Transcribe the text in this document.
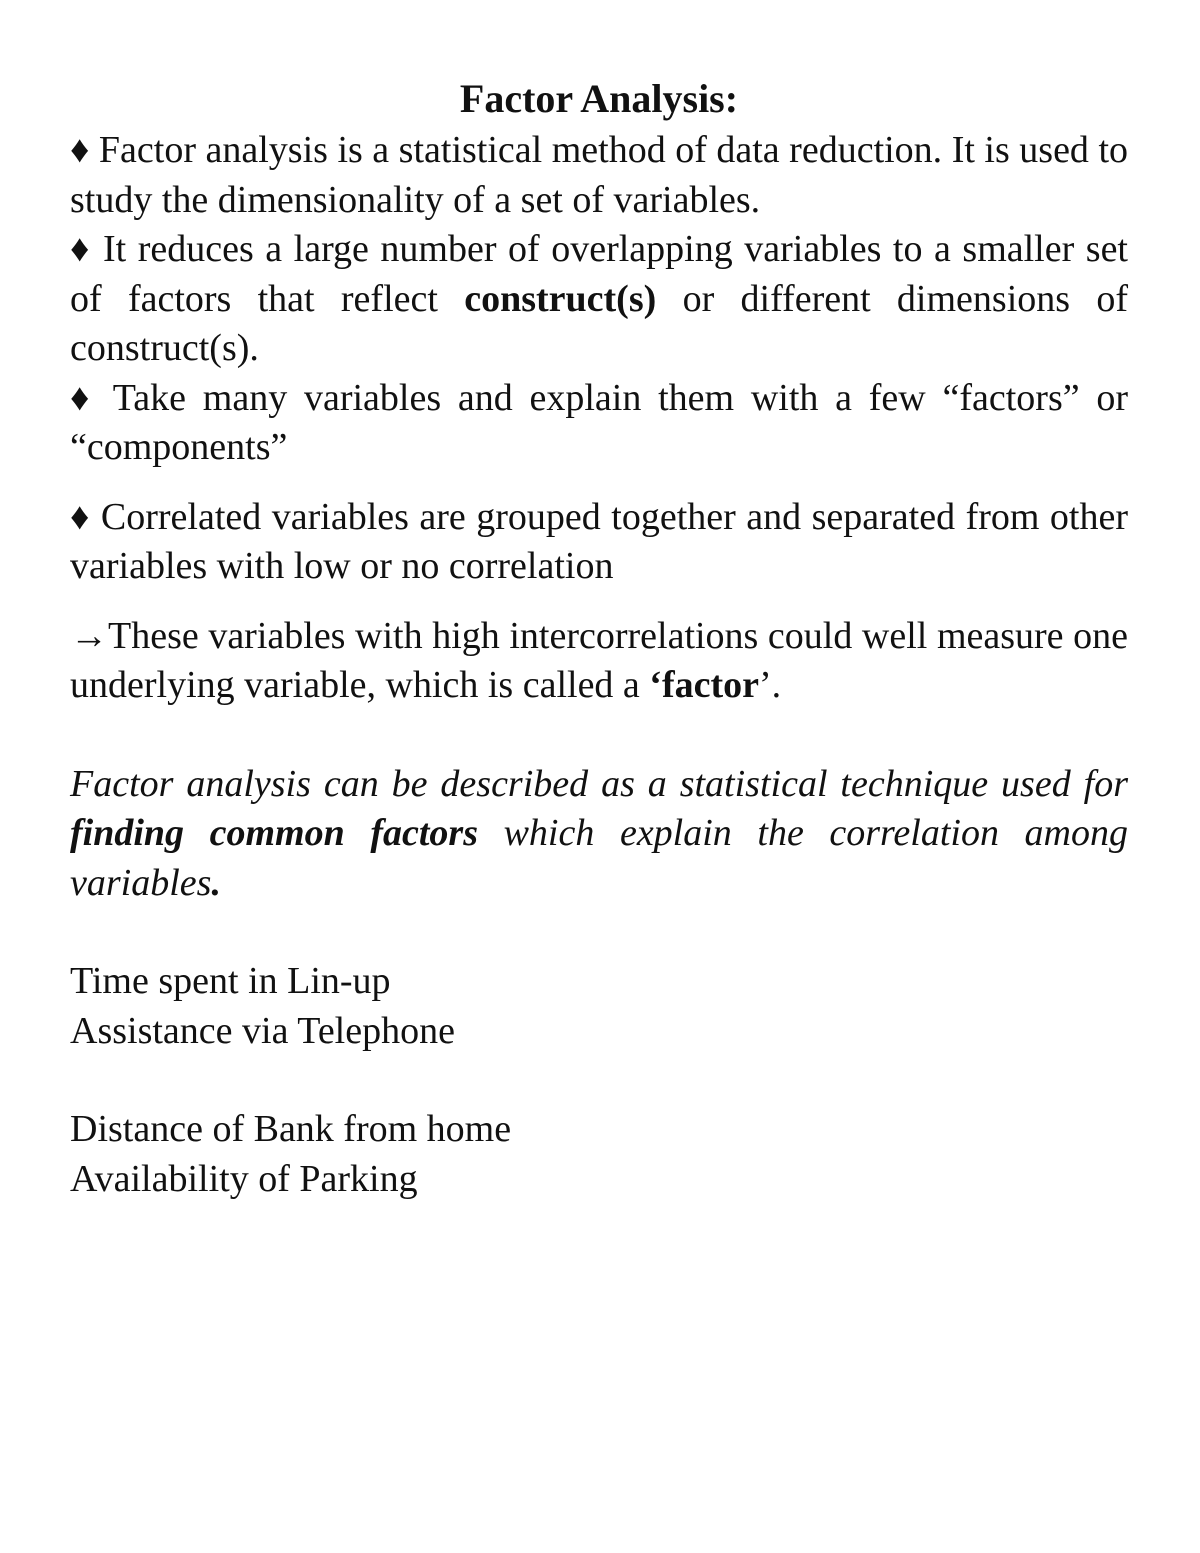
Factor Analysis:

♦ Factor analysis is a statistical method of data reduction. It is used to study the dimensionality of a set of variables.

♦ It reduces a large number of overlapping variables to a smaller set of factors that reflect construct(s) or different dimensions of construct(s).

♦ Take many variables and explain them with a few “factors” or “components”

♦ Correlated variables are grouped together and separated from other variables with low or no correlation

→These variables with high intercorrelations could well measure one underlying variable, which is called a ‘factor’.

Factor analysis can be described as a statistical technique used for finding common factors which explain the correlation among variables.

Time spent in Lin-up

Assistance via Telephone

Distance of Bank from home

Availability of Parking
